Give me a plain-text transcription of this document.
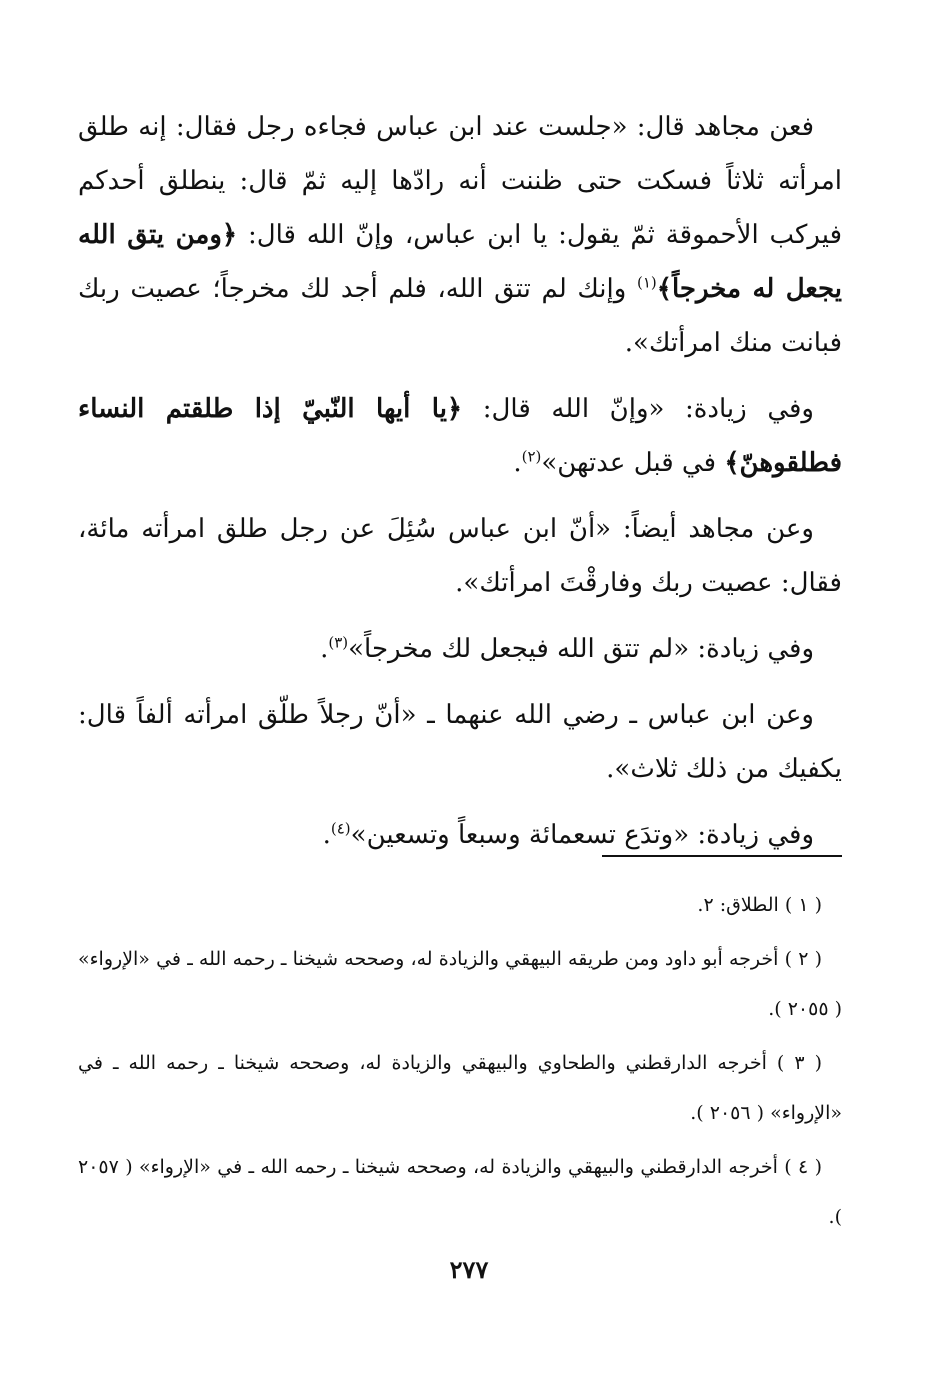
فعن مجاهد قال: «جلست عند ابن عباس فجاءه رجل فقال: إنه طلق امرأته ثلاثاً فسكت حتى ظننت أنه رادّها إليه ثمّ قال: ينطلق أحدكم فيركب الأحموقة ثمّ يقول: يا ابن عباس، وإنّ الله قال: ﴿ومن يتق الله يجعل له مخرجاً﴾$^{(١)}$ وإنك لم تتق الله، فلم أجد لك مخرجاً؛ عصيت ربك فبانت منك امرأتك».

وفي زيادة: «وإنّ الله قال: ﴿يا أيها النّبيّ إذا طلقتم النساء فطلقوهنّ﴾ في قبل عدتهن»$^{(٢)}$.

وعن مجاهد أيضاً: «أنّ ابن عباس سُئِلَ عن رجل طلق امرأته مائة، فقال: عصيت ربك وفارقْتَ امرأتك».

وفي زيادة: «لم تتق الله فيجعل لك مخرجاً»$^{(٣)}$.

وعن ابن عباس ـ رضي الله عنهما ـ «أنّ رجلاً طلّق امرأته ألفاً قال: يكفيك من ذلك ثلاث».

وفي زيادة: «وتدَع تسعمائة وسبعاً وتسعين»$^{(٤)}$.

( ١ ) الطلاق: ٢.

( ٢ ) أخرجه أبو داود ومن طريقه البيهقي والزيادة له، وصححه شيخنا ـ رحمه الله ـ في «الإرواء» ( ٢٠٥٥ ).

( ٣ ) أخرجه الدارقطني والطحاوي والبيهقي والزيادة له، وصححه شيخنا ـ رحمه الله ـ في «الإرواء» ( ٢٠٥٦ ).

( ٤ ) أخرجه الدارقطني والبيهقي والزيادة له، وصححه شيخنا ـ رحمه الله ـ في «الإرواء» ( ٢٠٥٧ ).

٢٧٧
